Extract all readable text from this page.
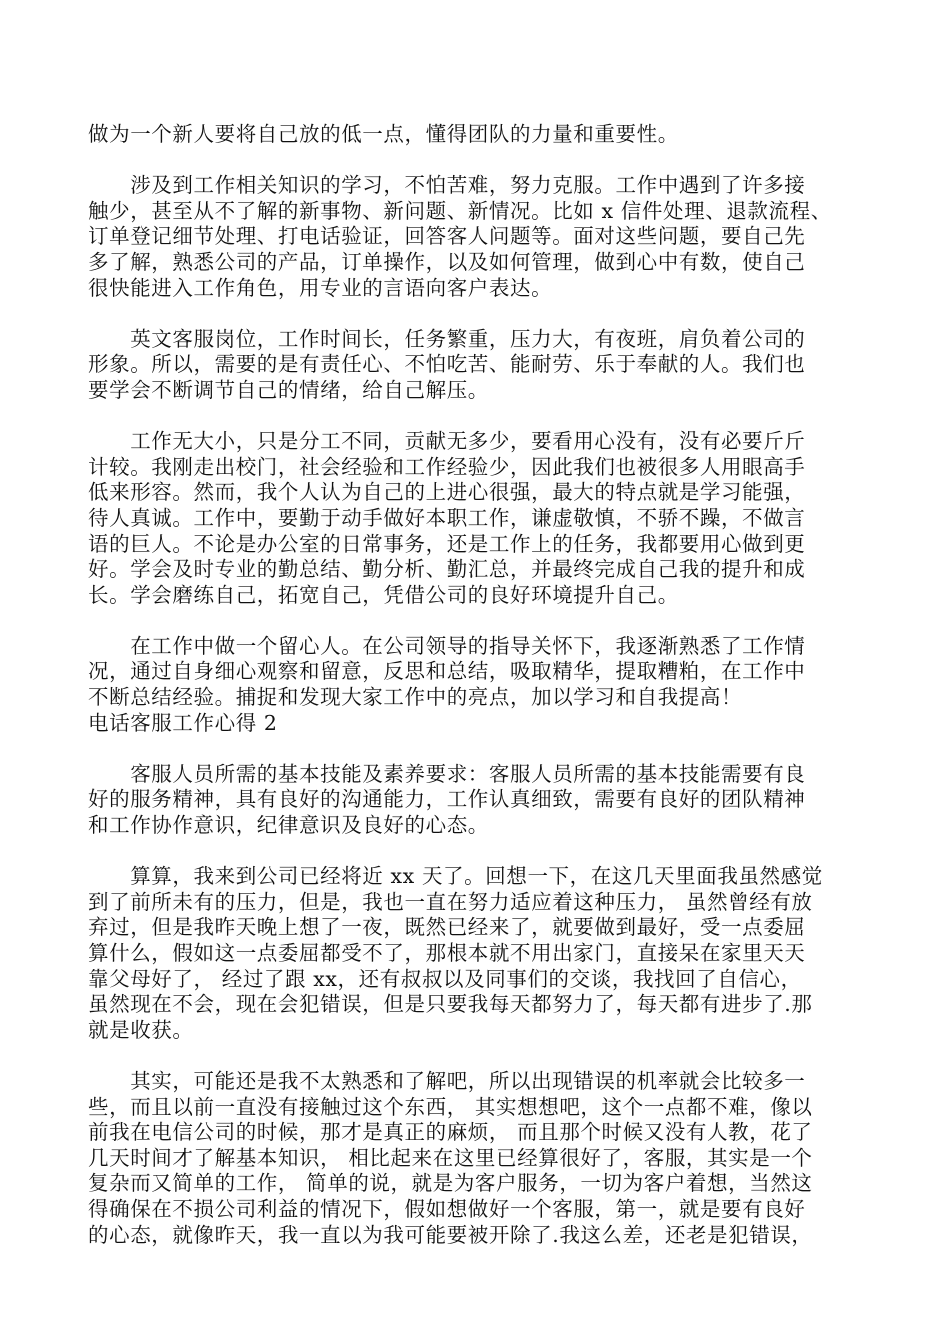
做为一个新人要将自己放的低一点，懂得团队的力量和重要性。
　　涉及到工作相关知识的学习，不怕苦难，努力克服。工作中遇到了许多接
触少，甚至从不了解的新事物、新问题、新情况。比如 x 信件处理、退款流程、
订单登记细节处理、打电话验证，回答客人问题等。面对这些问题，要自己先
多了解，熟悉公司的产品，订单操作，以及如何管理，做到心中有数，使自己
很快能进入工作角色，用专业的言语向客户表达。
　　英文客服岗位，工作时间长，任务繁重，压力大，有夜班，肩负着公司的
形象。所以，需要的是有责任心、不怕吃苦、能耐劳、乐于奉献的人。我们也
要学会不断调节自己的情绪，给自己解压。
　　工作无大小，只是分工不同，贡献无多少，要看用心没有，没有必要斤斤
计较。我刚走出校门，社会经验和工作经验少，因此我们也被很多人用眼高手
低来形容。然而，我个人认为自己的上进心很强，最大的特点就是学习能强，
待人真诚。工作中，要勤于动手做好本职工作，谦虚敬慎，不骄不躁，不做言
语的巨人。不论是办公室的日常事务，还是工作上的任务，我都要用心做到更
好。学会及时专业的勤总结、勤分析、勤汇总，并最终完成自己我的提升和成
长。学会磨练自己，拓宽自己，凭借公司的良好环境提升自己。
　　在工作中做一个留心人。在公司领导的指导关怀下，我逐渐熟悉了工作情
况，通过自身细心观察和留意，反思和总结，吸取精华，提取糟粕，在工作中
不断总结经验。捕捉和发现大家工作中的亮点，加以学习和自我提高！
电话客服工作心得 2
　　客服人员所需的基本技能及素养要求：客服人员所需的基本技能需要有良
好的服务精神，具有良好的沟通能力，工作认真细致，需要有良好的团队精神
和工作协作意识，纪律意识及良好的心态。
　　算算，我来到公司已经将近 xx 天了。回想一下，在这几天里面我虽然感觉
到了前所未有的压力，但是，我也一直在努力适应着这种压力， 虽然曾经有放
弃过，但是我昨天晚上想了一夜，既然已经来了，就要做到最好，受一点委屈
算什么，假如这一点委屈都受不了，那根本就不用出家门，直接呆在家里天天
靠父母好了， 经过了跟 xx，还有叔叔以及同事们的交谈，我找回了自信心，
虽然现在不会，现在会犯错误，但是只要我每天都努力了，每天都有进步了.那
就是收获。
　　其实，可能还是我不太熟悉和了解吧，所以出现错误的机率就会比较多一
些，而且以前一直没有接触过这个东西， 其实想想吧，这个一点都不难，像以
前我在电信公司的时候，那才是真正的麻烦， 而且那个时候又没有人教，花了
几天时间才了解基本知识， 相比起来在这里已经算很好了，客服，其实是一个
复杂而又简单的工作， 简单的说，就是为客户服务，一切为客户着想，当然这
得确保在不损公司利益的情况下，假如想做好一个客服，第一，就是要有良好
的心态，就像昨天，我一直以为我可能要被开除了.我这么差，还老是犯错误，
